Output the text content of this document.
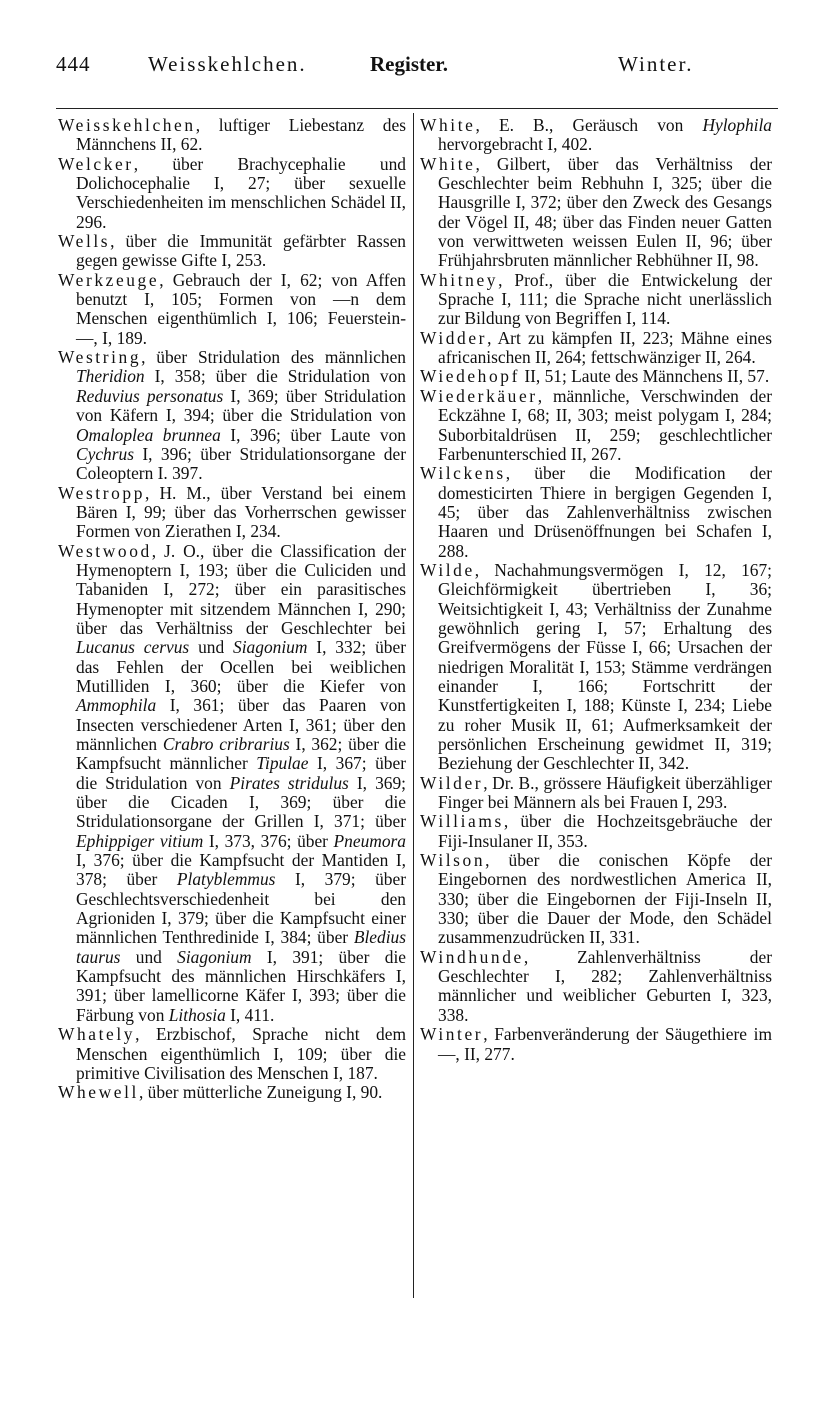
444	Weisskehlchen.	Register.	Winter.

Weisskehlchen, luftiger Liebestanz des Männchens II, 62.

Welcker, über Brachycephalie und Dolichocephalie I, 27; über sexuelle Verschiedenheiten im menschlichen Schädel II, 296.

Wells, über die Immunität gefärbter Rassen gegen gewisse Gifte I, 253.

Werkzeuge, Gebrauch der I, 62; von Affen benutzt I, 105; Formen von —n dem Menschen eigenthümlich I, 106; Feuerstein- —, I, 189.

Westring, über Stridulation des männlichen Theridion I, 358; über die Stridulation von Reduvius personatus I, 369; über Stridulation von Käfern I, 394; über die Stridulation von Omaloplea brunnea I, 396; über Laute von Cychrus I, 396; über Stridulationsorgane der Coleoptern I. 397.

Westropp, H. M., über Verstand bei einem Bären I, 99; über das Vorherrschen gewisser Formen von Zierathen I, 234.

Westwood, J. O., über die Classification der Hymenoptern I, 193; über die Culiciden und Tabaniden I, 272; über ein parasitisches Hymenopter mit sitzendem Männchen I, 290; über das Verhältniss der Geschlechter bei Lucanus cervus und Siagonium I, 332; über das Fehlen der Ocellen bei weiblichen Mutilliden I, 360; über die Kiefer von Ammophila I, 361; über das Paaren von Insecten verschiedener Arten I, 361; über den männlichen Crabro cribrarius I, 362; über die Kampfsucht männlicher Tipulae I, 367; über die Stridulation von Pirates stridulus I, 369; über die Cicaden I, 369; über die Stridulationsorgane der Grillen I, 371; über Ephippiger vitium I, 373, 376; über Pneumora I, 376; über die Kampfsucht der Mantiden I, 378; über Platyblemmus I, 379; über Geschlechtsverschiedenheit bei den Agrioniden I, 379; über die Kampfsucht einer männlichen Tenthredinide I, 384; über Bledius taurus und Siagonium I, 391; über die Kampfsucht des männlichen Hirschkäfers I, 391; über lamellicorne Käfer I, 393; über die Färbung von Lithosia I, 411.

Whately, Erzbischof, Sprache nicht dem Menschen eigenthümlich I, 109; über die primitive Civilisation des Menschen I, 187.

Whewell, über mütterliche Zuneigung I, 90.

White, E. B., Geräusch von Hylophila hervorgebracht I, 402.

White, Gilbert, über das Verhältniss der Geschlechter beim Rebhuhn I, 325; über die Hausgrille I, 372; über den Zweck des Gesangs der Vögel II, 48; über das Finden neuer Gatten von verwittweten weissen Eulen II, 96; über Frühjahrsbruten männlicher Rebhühner II, 98.

Whitney, Prof., über die Entwickelung der Sprache I, 111; die Sprache nicht unerlässlich zur Bildung von Begriffen I, 114.

Widder, Art zu kämpfen II, 223; Mähne eines africanischen II, 264; fettschwänziger II, 264.

Wiedehopf II, 51; Laute des Männchens II, 57.

Wiederkäuer, männliche, Verschwinden der Eckzähne I, 68; II, 303; meist polygam I, 284; Suborbitaldrüsen II, 259; geschlechtlicher Farbenunterschied II, 267.

Wilckens, über die Modification der domesticirten Thiere in bergigen Gegenden I, 45; über das Zahlenverhältniss zwischen Haaren und Drüsenöffnungen bei Schafen I, 288.

Wilde, Nachahmungsvermögen I, 12, 167; Gleichförmigkeit übertrieben I, 36; Weitsichtigkeit I, 43; Verhältniss der Zunahme gewöhnlich gering I, 57; Erhaltung des Greifvermögens der Füsse I, 66; Ursachen der niedrigen Moralität I, 153; Stämme verdrängen einander I, 166; Fortschritt der Kunstfertigkeiten I, 188; Künste I, 234; Liebe zu roher Musik II, 61; Aufmerksamkeit der persönlichen Erscheinung gewidmet II, 319; Beziehung der Geschlechter II, 342.

Wilder, Dr. B., grössere Häufigkeit überzähliger Finger bei Männern als bei Frauen I, 293.

Williams, über die Hochzeitsgebräuche der Fiji-Insulaner II, 353.

Wilson, über die conischen Köpfe der Eingebornen des nordwestlichen America II, 330; über die Eingebornen der Fiji-Inseln II, 330; über die Dauer der Mode, den Schädel zusammenzudrücken II, 331.

Windhunde, Zahlenverhältniss der Geschlechter I, 282; Zahlenverhältniss männlicher und weiblicher Geburten I, 323, 338.

Winter, Farbenveränderung der Säugethiere im —, II, 277.
